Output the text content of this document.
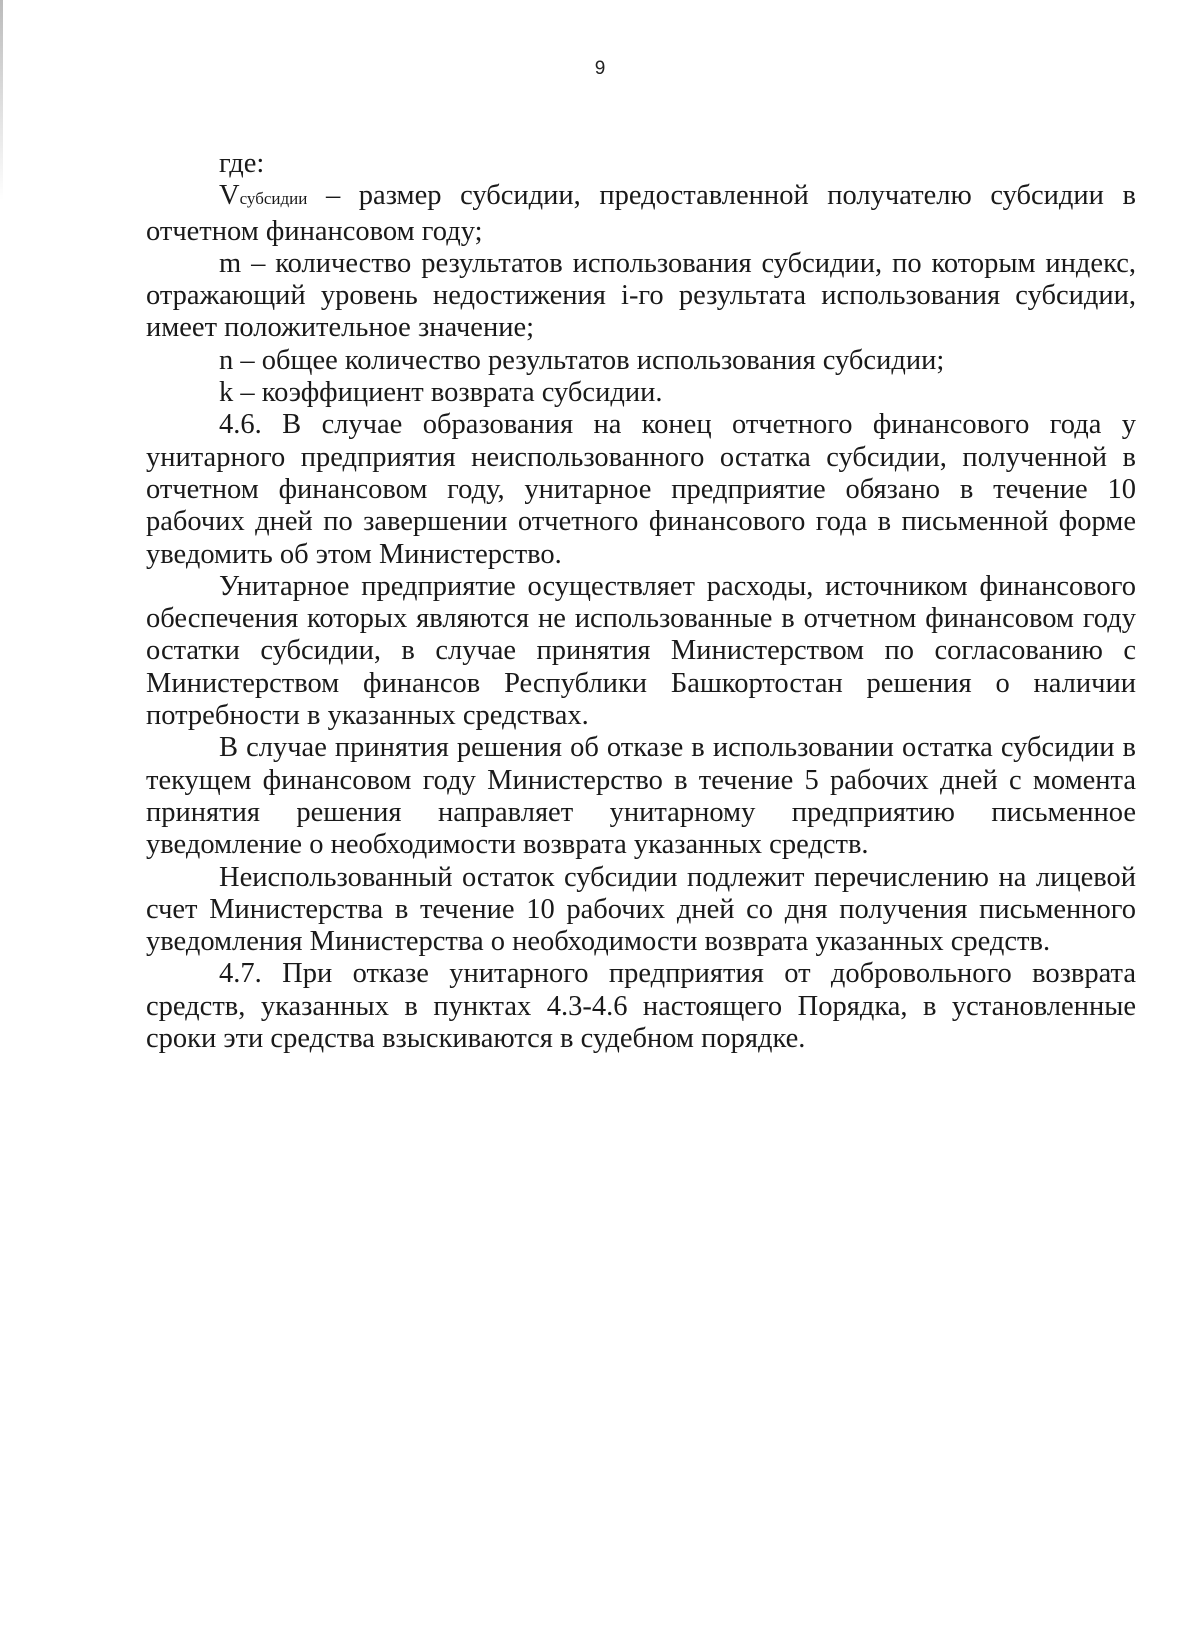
9

где:

Vсубсидии – размер субсидии, предоставленной получателю субсидии в отчетном финансовом году;

m – количество результатов использования субсидии, по которым индекс, отражающий уровень недостижения i-го результата использования субсидии, имеет положительное значение;

n – общее количество результатов использования субсидии;

k – коэффициент возврата субсидии.

4.6. В случае образования на конец отчетного финансового года у унитарного предприятия неиспользованного остатка субсидии, полученной в отчетном финансовом году, унитарное предприятие обязано в течение 10 рабочих дней по завершении отчетного финансового года в письменной форме уведомить об этом Министерство.

Унитарное предприятие осуществляет расходы, источником финансового обеспечения которых являются не использованные в отчетном финансовом году остатки субсидии, в случае принятия Министерством по согласованию с Министерством финансов Республики Башкортостан решения о наличии потребности в указанных средствах.

В случае принятия решения об отказе в использовании остатка субсидии в текущем финансовом году Министерство в течение 5 рабочих дней с момента принятия решения направляет унитарному предприятию письменное уведомление о необходимости возврата указанных средств.

Неиспользованный остаток субсидии подлежит перечислению на лицевой счет Министерства в течение 10 рабочих дней со дня получения письменного уведомления Министерства о необходимости возврата указанных средств.

4.7. При отказе унитарного предприятия от добровольного возврата средств, указанных в пунктах 4.3-4.6 настоящего Порядка, в установленные сроки эти средства взыскиваются в судебном порядке.
